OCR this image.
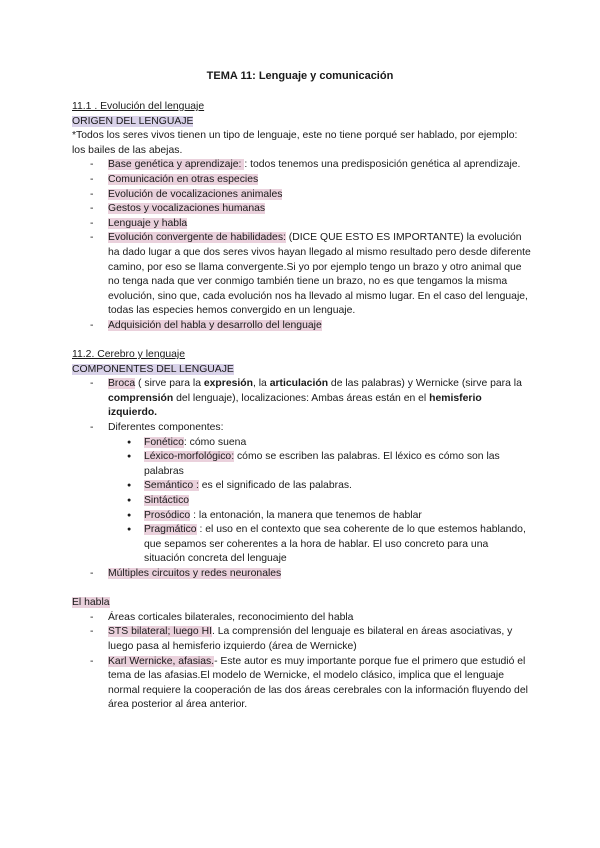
TEMA 11: Lenguaje y comunicación
11.1 . Evolución del lenguaje
ORIGEN DEL LENGUAJE
*Todos los seres vivos tienen un tipo de lenguaje, este no tiene porqué ser hablado, por ejemplo: los bailes de las abejas.
- Base genética y aprendizaje: : todos tenemos una predisposición genética al aprendizaje.
- Comunicación en otras especies
- Evolución de vocalizaciones animales
- Gestos y vocalizaciones humanas
- Lenguaje y habla
- Evolución convergente de habilidades: (DICE QUE ESTO ES IMPORTANTE) la evolución ha dado lugar a que dos seres vivos hayan llegado al mismo resultado pero desde diferente camino, por eso se llama convergente.Si yo por ejemplo tengo un brazo y otro animal que no tenga nada que ver conmigo también tiene un brazo, no es que tengamos la misma evolución, sino que, cada evolución nos ha llevado al mismo lugar. En el caso del lenguaje, todas las especies hemos convergido en un lenguaje.
- Adquisición del habla y desarrollo del lenguaje
11.2. Cerebro y lenguaje
COMPONENTES DEL LENGUAJE
- Broca ( sirve para la expresión, la articulación de las palabras) y Wernicke (sirve para la comprensión del lenguaje), localizaciones: Ambas áreas están en el hemisferio izquierdo.
- Diferentes componentes:
● Fonético: cómo suena
● Léxico-morfológico: cómo se escriben las palabras. El léxico es cómo son las palabras
● Semántico : es el significado de las palabras.
● Sintáctico
● Prosódico : la entonación, la manera que tenemos de hablar
● Pragmático : el uso en el contexto que sea coherente de lo que estemos hablando, que sepamos ser coherentes a la hora de hablar. El uso concreto para una situación concreta del lenguaje
- Múltiples circuitos y redes neuronales
El habla
- Áreas corticales bilaterales, reconocimiento del habla
- STS bilateral; luego HI. La comprensión del lenguaje es bilateral en áreas asociativas, y luego pasa al hemisferio izquierdo (área de Wernicke)
- Karl Wernicke, afasias.- Este autor es muy importante porque fue el primero que estudió el tema de las afasias.El modelo de Wernicke, el modelo clásico, implica que el lenguaje normal requiere la cooperación de las dos áreas cerebrales con la información fluyendo del área posterior al área anterior.
